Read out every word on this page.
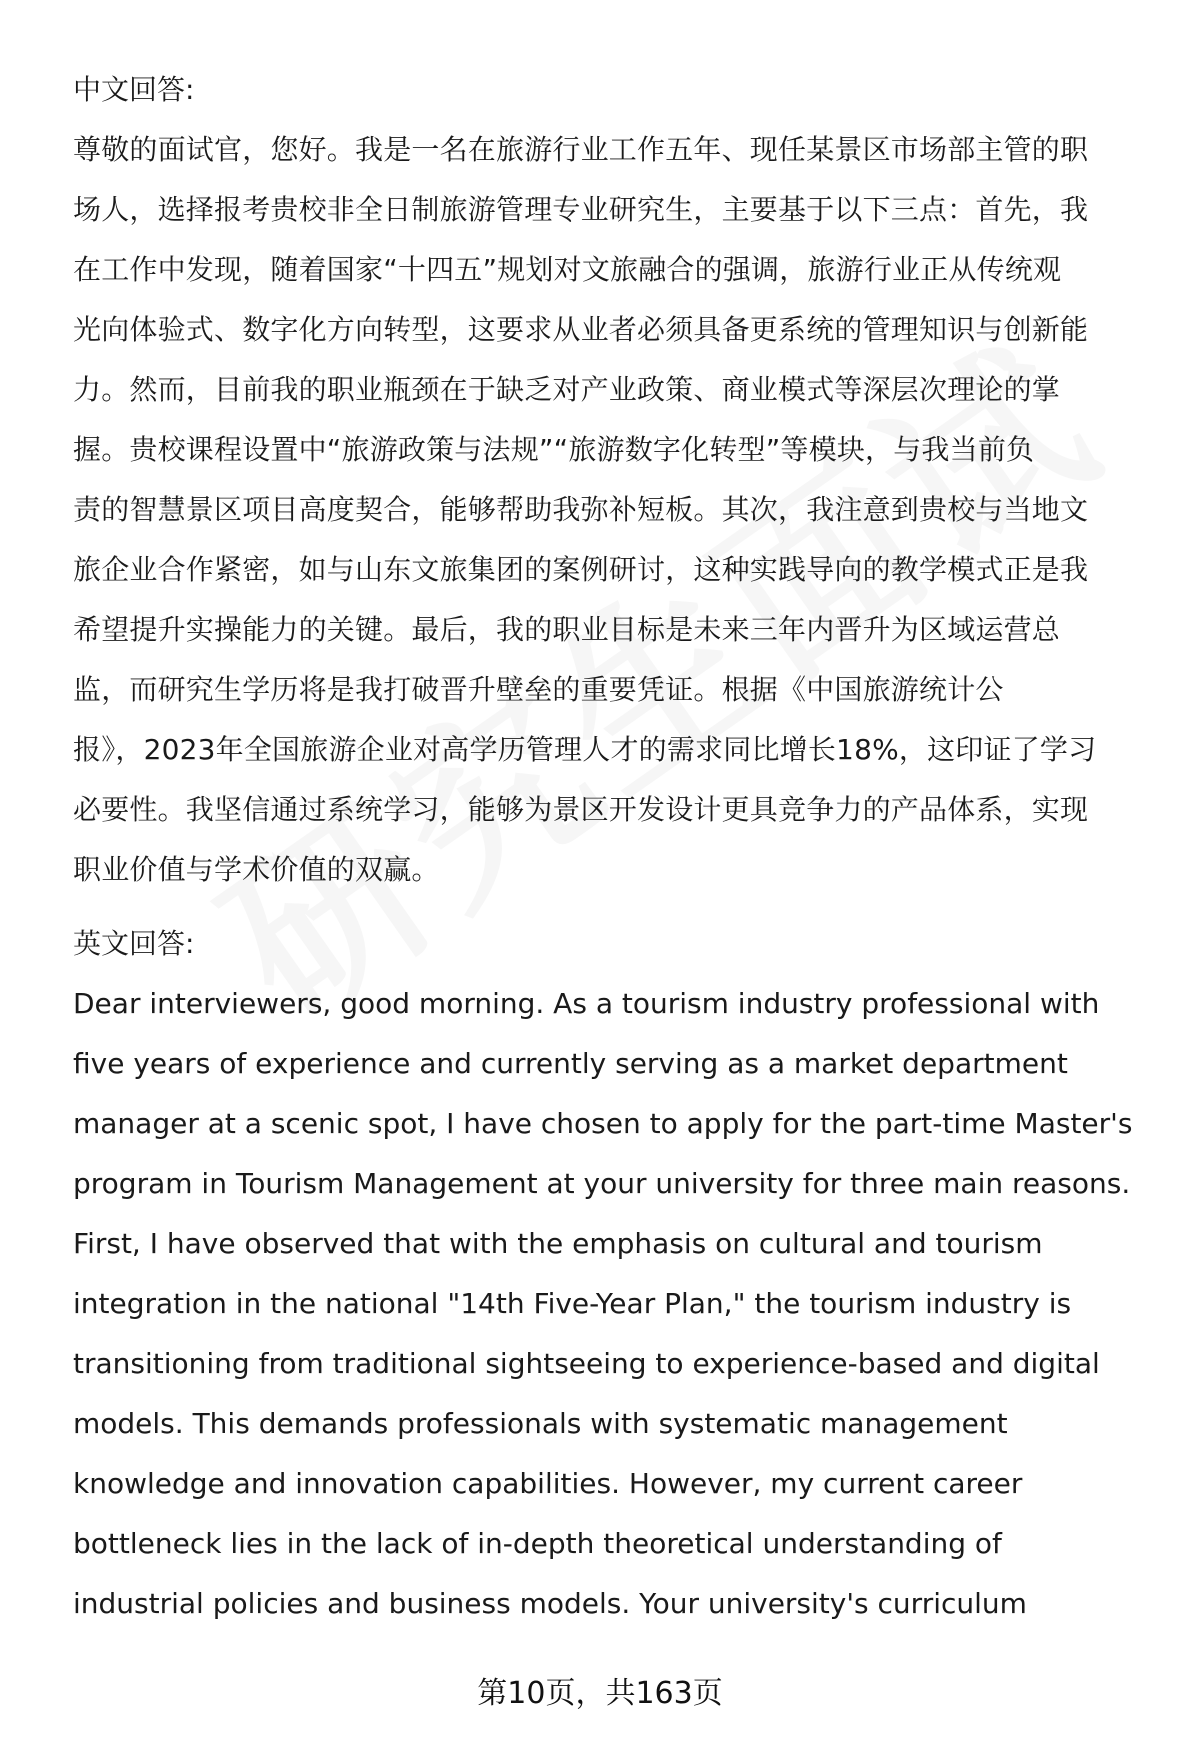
中文回答:

尊敬的面试官，您好。我是一名在旅游行业工作五年、现任某景区市场部主管的职
场人，选择报考贵校非全日制旅游管理专业研究生，主要基于以下三点：首先，我
在工作中发现，随着国家“十四五”规划对文旅融合的强调，旅游行业正从传统观
光向体验式、数字化方向转型，这要求从业者必须具备更系统的管理知识与创新能
力。然而，目前我的职业瓶颈在于缺乏对产业政策、商业模式等深层次理论的掌
握。贵校课程设置中“旅游政策与法规”“旅游数字化转型”等模块，与我当前负
责的智慧景区项目高度契合，能够帮助我弥补短板。其次，我注意到贵校与当地文
旅企业合作紧密，如与山东文旅集团的案例研讨，这种实践导向的教学模式正是我
希望提升实操能力的关键。最后，我的职业目标是未来三年内晋升为区域运营总
监，而研究生学历将是我打破晋升壁垒的重要凭证。根据《中国旅游统计公
报》，2023年全国旅游企业对高学历管理人才的需求同比增长18%，这印证了学习
必要性。我坚信通过系统学习，能够为景区开发设计更具竞争力的产品体系，实现
职业价值与学术价值的双赢。

英文回答:

Dear interviewers, good morning. As a tourism industry professional with
five years of experience and currently serving as a market department
manager at a scenic spot, I have chosen to apply for the part-time Master's
program in Tourism Management at your university for three main reasons.
First, I have observed that with the emphasis on cultural and tourism
integration in the national "14th Five-Year Plan," the tourism industry is
transitioning from traditional sightseeing to experience-based and digital
models. This demands professionals with systematic management
knowledge and innovation capabilities. However, my current career
bottleneck lies in the lack of in-depth theoretical understanding of
industrial policies and business models. Your university's curriculum

第10页，共163页
